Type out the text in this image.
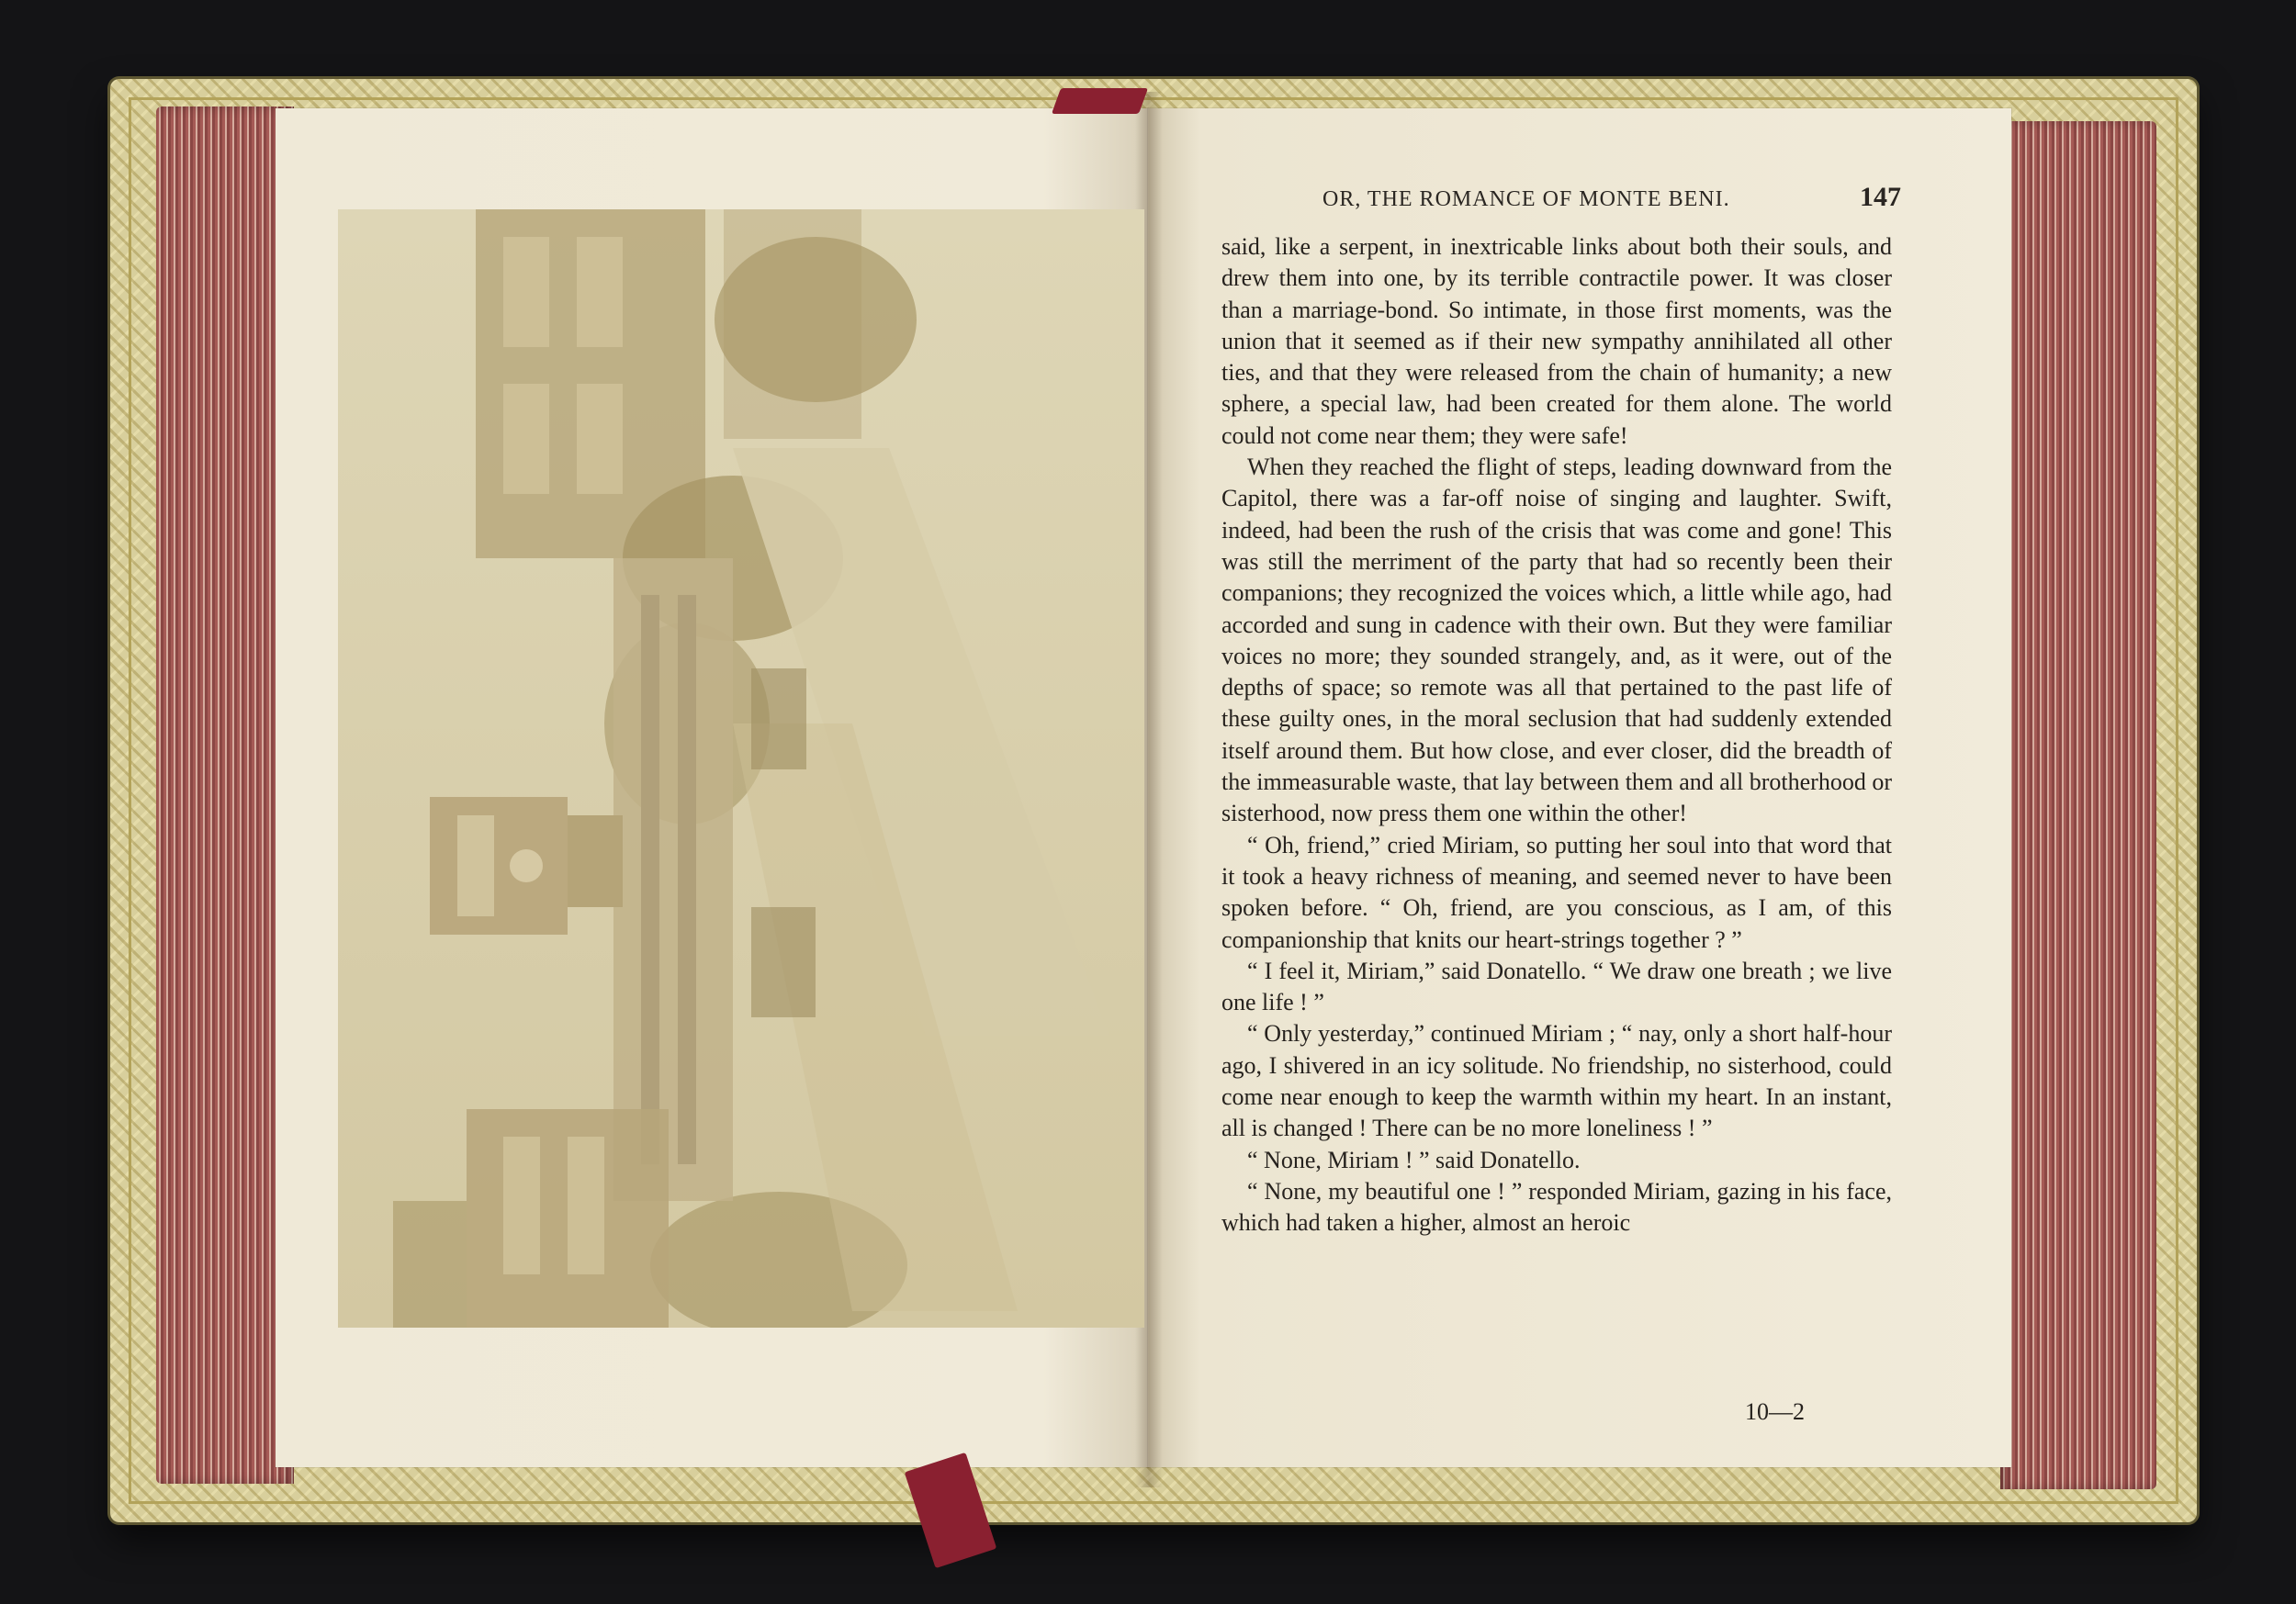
OR, THE ROMANCE OF MONTE BENI.	147

said, like a serpent, in inextricable links about both their souls, and drew them into one, by its terrible contractile power. It was closer than a marriage-bond. So intimate, in those first moments, was the union that it seemed as if their new sympathy annihilated all other ties, and that they were released from the chain of humanity; a new sphere, a special law, had been created for them alone. The world could not come near them; they were safe!

When they reached the flight of steps, leading downward from the Capitol, there was a far-off noise of singing and laughter. Swift, indeed, had been the rush of the crisis that was come and gone! This was still the merriment of the party that had so recently been their companions; they recognized the voices which, a little while ago, had accorded and sung in cadence with their own. But they were familiar voices no more; they sounded strangely, and, as it were, out of the depths of space; so remote was all that pertained to the past life of these guilty ones, in the moral seclusion that had suddenly extended itself around them. But how close, and ever closer, did the breadth of the immeasurable waste, that lay between them and all brotherhood or sisterhood, now press them one within the other!

“ Oh, friend,” cried Miriam, so putting her soul into that word that it took a heavy richness of meaning, and seemed never to have been spoken before. “ Oh, friend, are you conscious, as I am, of this companionship that knits our heart-strings together ? ”

“ I feel it, Miriam,” said Donatello. “ We draw one breath ; we live one life ! ”

“ Only yesterday,” continued Miriam ; “ nay, only a short half-hour ago, I shivered in an icy solitude. No friendship, no sisterhood, could come near enough to keep the warmth within my heart. In an instant, all is changed ! There can be no more loneliness ! ”

“ None, Miriam ! ” said Donatello.

“ None, my beautiful one ! ” responded Miriam, gazing in his face, which had taken a higher, almost an heroic

10—2
